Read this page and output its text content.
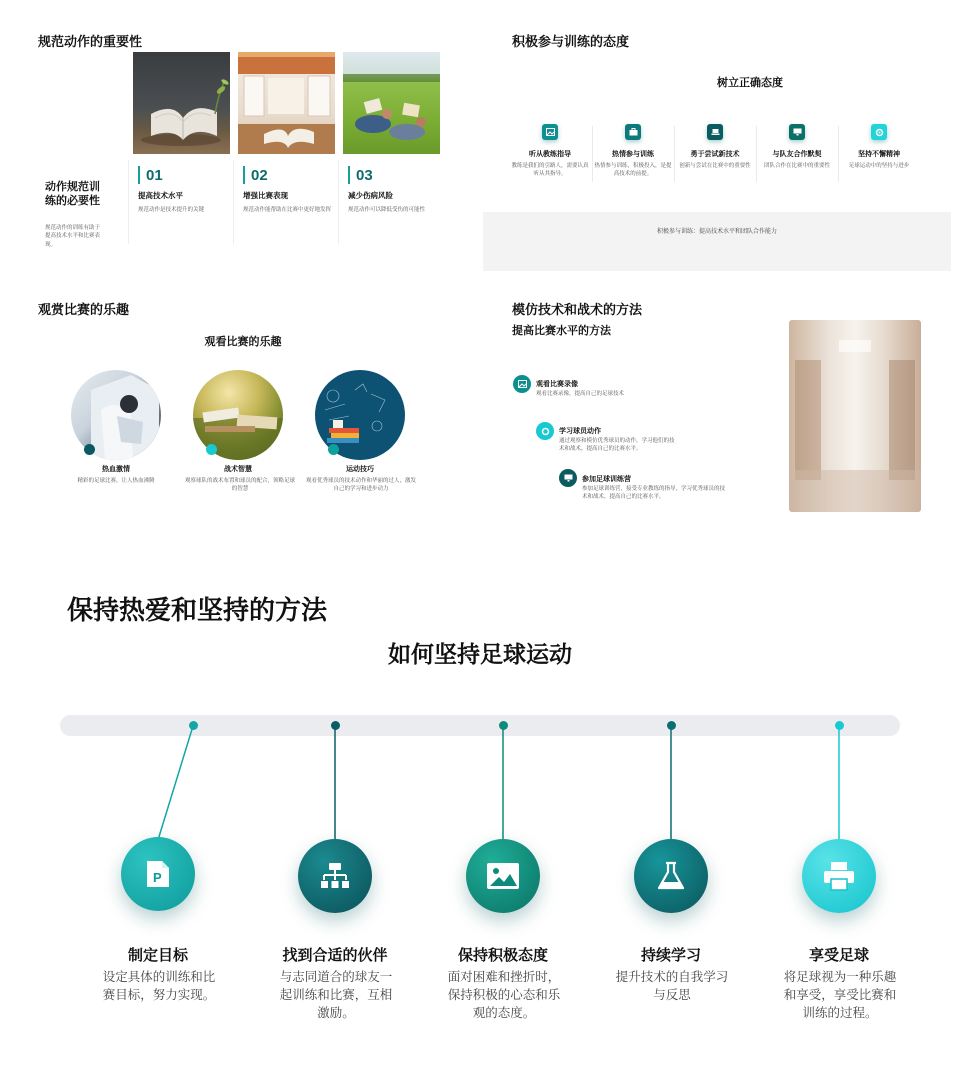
规范动作的重要性
动作规范训练的必要性
规范动作的训练有助于提高技术水平和比赛表现。
01
提高技术水平
规范动作是技术提升的关键
02
增强比赛表现
规范动作能帮助在比赛中更好地发挥
03
减少伤病风险
规范动作可以降低受伤的可能性
积极参与训练的态度
树立正确态度
听从教练指导
教练是我们的引路人，需要认真听从其指导。
热情参与训练
热情参与训练，积极投入，是提高技术的前提。
勇于尝试新技术
创新与尝试在比赛中的重要性
与队友合作默契
团队合作在比赛中的重要性
坚持不懈精神
足球运动中的坚持与进步
积极参与训练：提高技术水平和团队合作能力
观赏比赛的乐趣
观看比赛的乐趣
热血激情
精彩的足球比赛，让人热血沸腾
战术智慧
观察球队的战术布置和球员的配合，领略足球的智慧
运动技巧
观看优秀球员的技术动作和华丽的过人，激发自己的学习和进步动力
模仿技术和战术的方法
提高比赛水平的方法
观看比赛录像
观看比赛录像，提高自己的足球技术
学习球员动作
通过观察和模仿优秀球员的动作，学习他们的技术和战术，提高自己的比赛水平。
参加足球训练营
参加足球训练营，接受专业教练的指导，学习优秀球员的技术和战术，提高自己的比赛水平。
保持热爱和坚持的方法
如何坚持足球运动
P
制定目标
设定具体的训练和比赛目标，努力实现。
找到合适的伙伴
与志同道合的球友一起训练和比赛，互相激励。
保持积极态度
面对困难和挫折时，保持积极的心态和乐观的态度。
持续学习
提升技术的自我学习与反思
享受足球
将足球视为一种乐趣和享受，享受比赛和训练的过程。
